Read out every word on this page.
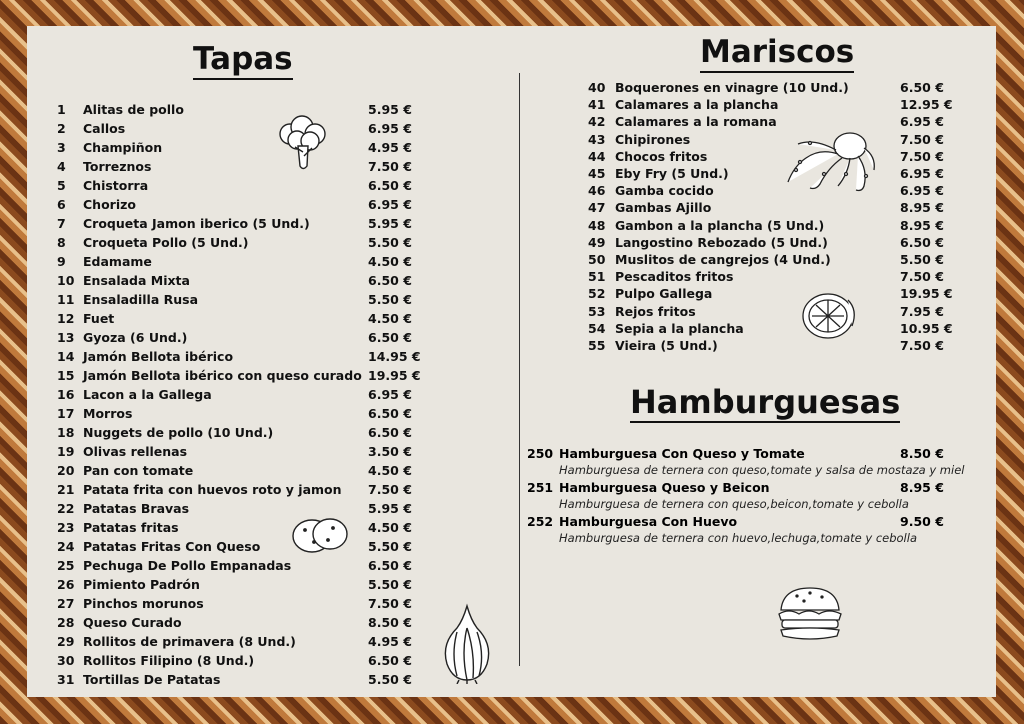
Tapas	Mariscos
Hamburguesas
1	Alitas de pollo	5.95 €
2	Callos	6.95 €
3	Champiñon	4.95 €
4	Torreznos	7.50 €
5	Chistorra	6.50 €
6	Chorizo	6.95 €
7	Croqueta Jamon iberico (5 Und.)	5.95 €
8	Croqueta Pollo (5 Und.)	5.50 €
9	Edamame	4.50 €
10 Ensalada Mixta	6.50 €
11 Ensaladilla Rusa	5.50 €
12 Fuet	4.50 €
13 Gyoza (6 Und.)	6.50 €
14 Jamón Bellota ibérico	14.95 €
15 Jamón Bellota ibérico con queso curado 19.95 €
16 Lacon a la Gallega	6.95 €
17 Morros	6.50 €
18 Nuggets de pollo (10 Und.)	6.50 €
19 Olivas rellenas	3.50 €
20 Pan con tomate	4.50 €
21 Patata frita con huevos roto y jamon 7.50 €
22 Patatas Bravas	5.95 €
23 Patatas fritas	4.50 €
24 Patatas Fritas Con Queso	5.50 €
25 Pechuga De Pollo Empanadas	6.50 €
26 Pimiento Padrón	5.50 €
27 Pinchos morunos	7.50 €
28 Queso Curado	8.50 €
29 Rollitos de primavera (8 Und.)	4.95 €
30 Rollitos Filipino (8 Und.)	6.50 €
31 Tortillas De Patatas	5.50 €
40 Boquerones en vinagre (10 Und.)	6.50 €
41 Calamares a la plancha	12.95 €
42 Calamares a la romana	6.95 €
43 Chipirones	7.50 €
44 Chocos fritos	7.50 €
45 Eby Fry (5 Und.)	6.95 €
46 Gamba cocido	6.95 €
47 Gambas Ajillo	8.95 €
48 Gambon a la plancha (5 Und.)	8.95 €
49 Langostino Rebozado (5 Und.)	6.50 €
50 Muslitos de cangrejos (4 Und.)	5.50 €
51 Pescaditos fritos	7.50 €
52 Pulpo Gallega	19.95 €
53 Rejos fritos	7.95 €
54 Sepia a la plancha	10.95 €
55 Vieira (5 Und.)	7.50 €
250 Hamburguesa Con Queso y Tomate	8.50 €
Hamburguesa de ternera con queso,tomate y salsa de mostaza y miel
251 Hamburguesa Queso y Beicon	8.95 €
Hamburguesa de ternera con queso,beicon,tomate y cebolla
252 Hamburguesa Con Huevo	9.50 €
Hamburguesa de ternera con huevo,lechuga,tomate y cebolla
